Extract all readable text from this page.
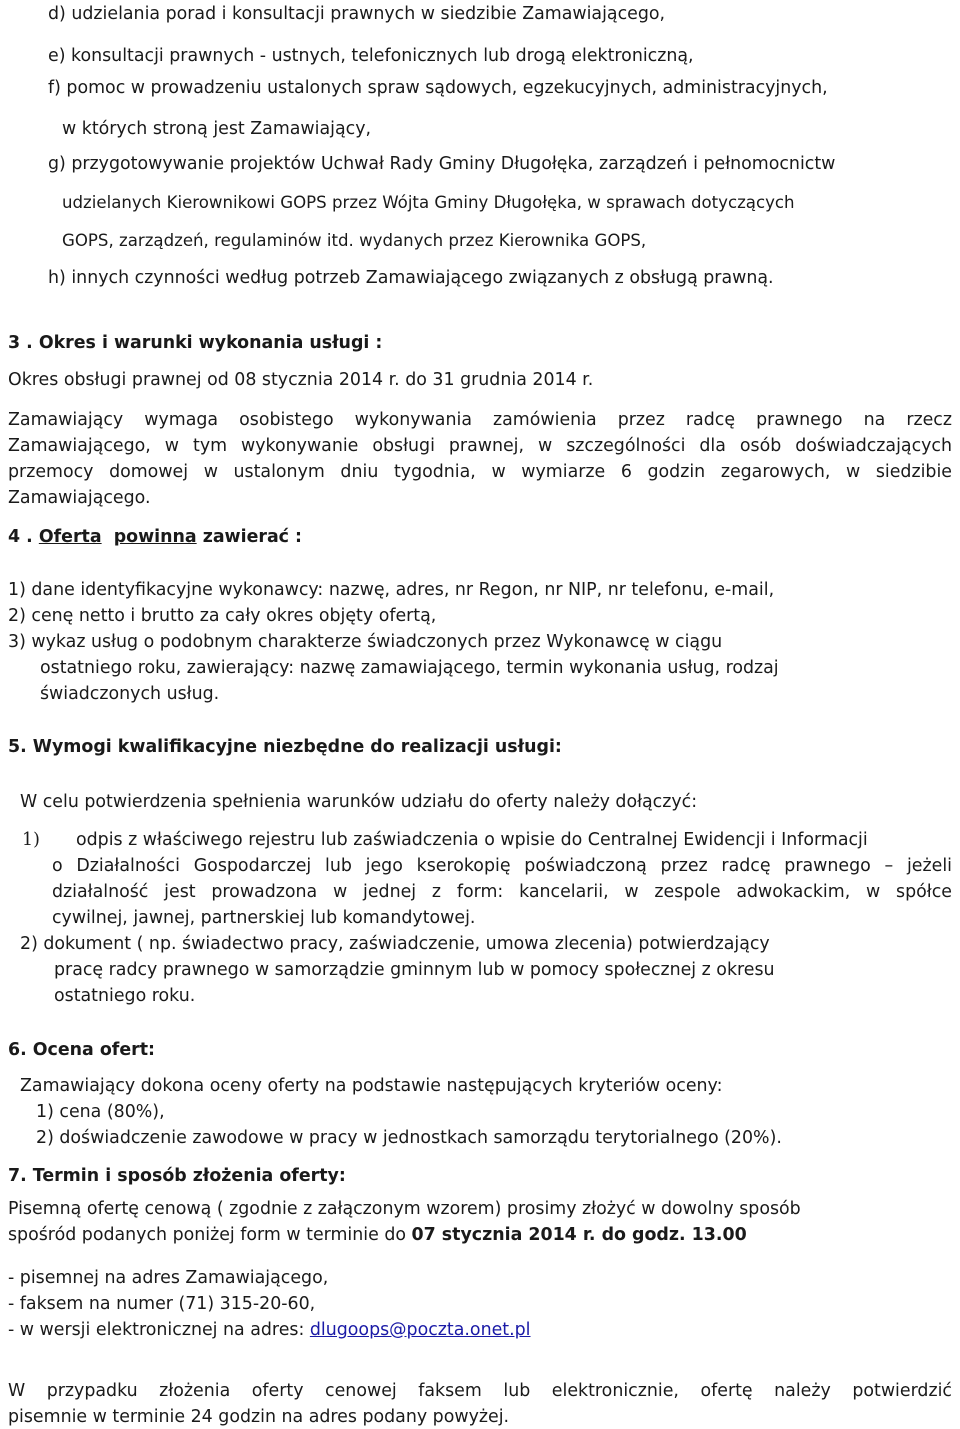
d) udzielania porad i konsultacji prawnych w siedzibie Zamawiającego,
e) konsultacji prawnych - ustnych, telefonicznych lub drogą elektroniczną,
f) pomoc w prowadzeniu ustalonych spraw sądowych, egzekucyjnych, administracyjnych,
w których stroną jest Zamawiający,
g) przygotowywanie projektów Uchwał Rady Gminy Długołęka, zarządzeń i pełnomocnictw
udzielanych Kierownikowi GOPS przez Wójta Gminy Długołęka, w sprawach dotyczących
GOPS, zarządzeń, regulaminów itd. wydanych przez Kierownika GOPS,
h) innych czynności według potrzeb Zamawiającego związanych z obsługą prawną.
3 . Okres i warunki wykonania usługi :
Okres obsługi prawnej od 08 stycznia 2014 r. do 31 grudnia 2014 r.
Zamawiający wymaga osobistego wykonywania zamówienia przez radcę prawnego na rzecz
Zamawiającego, w tym wykonywanie obsługi prawnej, w szczególności dla osób doświadczających
przemocy domowej w ustalonym dniu tygodnia, w wymiarze 6 godzin zegarowych, w siedzibie
Zamawiającego.
4 . Oferta powinna zawierać :
1) dane identyfikacyjne wykonawcy: nazwę, adres, nr Regon, nr NIP, nr telefonu, e-mail,
2) cenę netto i brutto za cały okres objęty ofertą,
3) wykaz usług o podobnym charakterze świadczonych przez Wykonawcę w ciągu
ostatniego roku, zawierający: nazwę zamawiającego, termin wykonania usług, rodzaj
świadczonych usług.
5. Wymogi kwalifikacyjne niezbędne do realizacji usługi:
W celu potwierdzenia spełnienia warunków udziału do oferty należy dołączyć:
1) odpis z właściwego rejestru lub zaświadczenia o wpisie do Centralnej Ewidencji i Informacji
o Działalności Gospodarczej lub jego kserokopię poświadczoną przez radcę prawnego – jeżeli
działalność jest prowadzona w jednej z form: kancelarii, w zespole adwokackim, w spółce
cywilnej, jawnej, partnerskiej lub komandytowej.
2) dokument ( np. świadectwo pracy, zaświadczenie, umowa zlecenia) potwierdzający
pracę radcy prawnego w samorządzie gminnym lub w pomocy społecznej z okresu
ostatniego roku.
6. Ocena ofert:
Zamawiający dokona oceny oferty na podstawie następujących kryteriów oceny:
1) cena (80%),
2) doświadczenie zawodowe w pracy w jednostkach samorządu terytorialnego (20%).
7. Termin i sposób złożenia oferty:
Pisemną ofertę cenową ( zgodnie z załączonym wzorem) prosimy złożyć w dowolny sposób
spośród podanych poniżej form w terminie do 07 stycznia 2014 r. do godz. 13.00
- pisemnej na adres Zamawiającego,
- faksem na numer (71) 315-20-60,
- w wersji elektronicznej na adres: dlugoops@poczta.onet.pl
W przypadku złożenia oferty cenowej faksem lub elektronicznie, ofertę należy potwierdzić
pisemnie w terminie 24 godzin na adres podany powyżej.
